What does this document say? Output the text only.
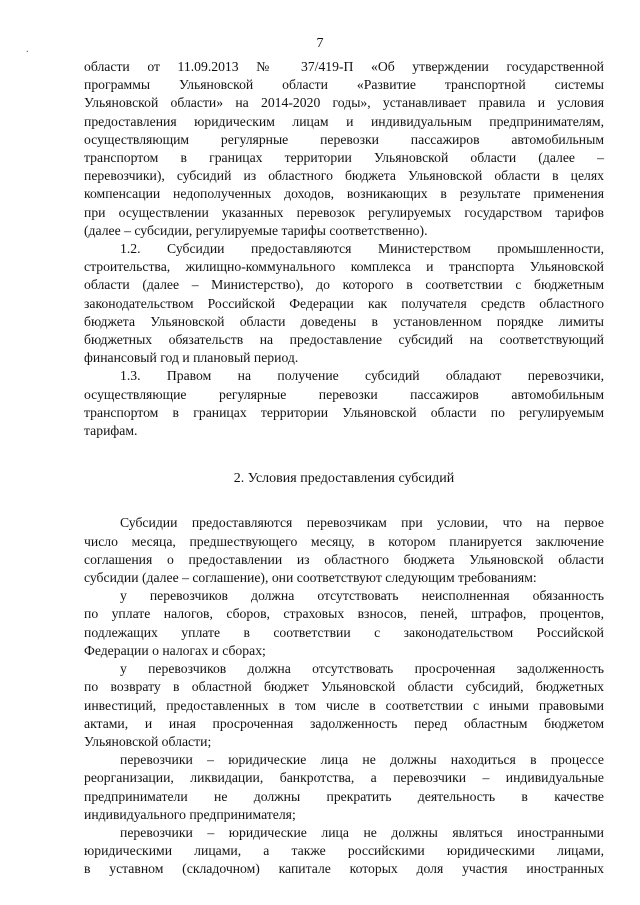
.	7
области от 11.09.2013 № 37/419-П «Об утверждении государственной
программы Ульяновской области «Развитие транспортной системы
Ульяновской области» на 2014-2020 годы», устанавливает правила и условия
предоставления юридическим лицам и индивидуальным предпринимателям,
осуществляющим регулярные перевозки пассажиров автомобильным
транспортом в границах территории Ульяновской области (далее –
перевозчики), субсидий из областного бюджета Ульяновской области в целях
компенсации недополученных доходов, возникающих в результате применения
при осуществлении указанных перевозок регулируемых государством тарифов
(далее – субсидии, регулируемые тарифы соответственно).
1.2. Субсидии предоставляются Министерством промышленности,
строительства, жилищно-коммунального комплекса и транспорта Ульяновской
области (далее – Министерство), до которого в соответствии с бюджетным
законодательством Российской Федерации как получателя средств областного
бюджета Ульяновской области доведены в установленном порядке лимиты
бюджетных обязательств на предоставление субсидий на соответствующий
финансовый год и плановый период.
1.3. Правом на получение субсидий обладают перевозчики,
осуществляющие регулярные перевозки пассажиров автомобильным
транспортом в границах территории Ульяновской области по регулируемым
тарифам.
2. Условия предоставления субсидий
Субсидии предоставляются перевозчикам при условии, что на первое
число месяца, предшествующего месяцу, в котором планируется заключение
соглашения о предоставлении из областного бюджета Ульяновской области
субсидии (далее – соглашение), они соответствуют следующим требованиям:
у перевозчиков должна отсутствовать неисполненная обязанность
по уплате налогов, сборов, страховых взносов, пеней, штрафов, процентов,
подлежащих уплате в соответствии с законодательством Российской
Федерации о налогах и сборах;
у перевозчиков должна отсутствовать просроченная задолженность
по возврату в областной бюджет Ульяновской области субсидий, бюджетных
инвестиций, предоставленных в том числе в соответствии с иными правовыми
актами, и иная просроченная задолженность перед областным бюджетом
Ульяновской области;
перевозчики – юридические лица не должны находиться в процессе
реорганизации, ликвидации, банкротства, а перевозчики – индивидуальные
предприниматели не должны прекратить деятельность в качестве
индивидуального предпринимателя;
перевозчики – юридические лица не должны являться иностранными
юридическими лицами, а также российскими юридическими лицами,
в уставном (складочном) капитале которых доля участия иностранных
